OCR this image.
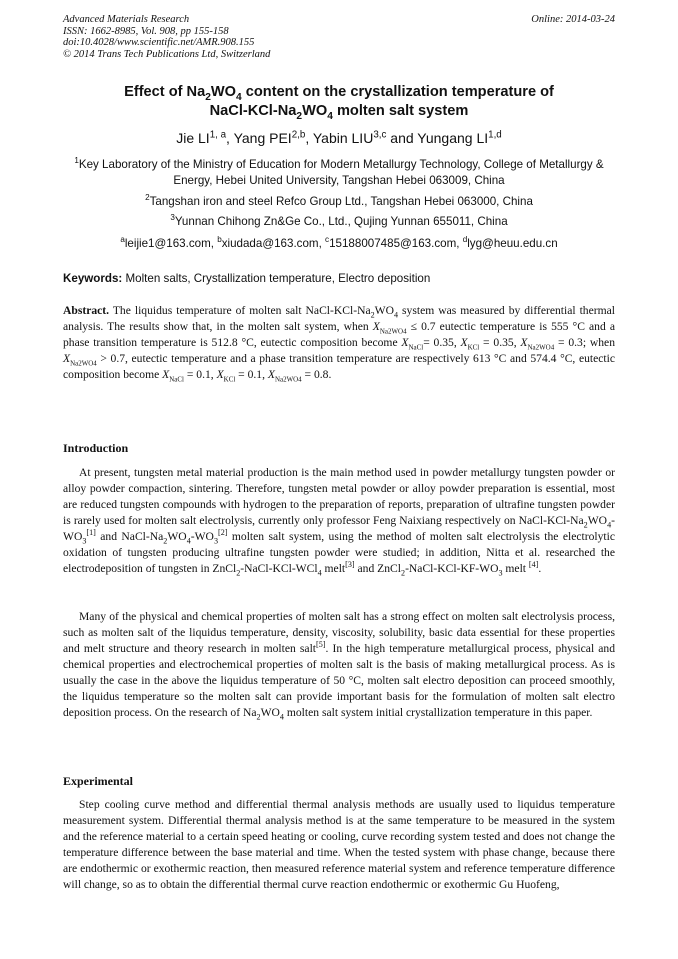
Advanced Materials Research
ISSN: 1662-8985, Vol. 908, pp 155-158
doi:10.4028/www.scientific.net/AMR.908.155
© 2014 Trans Tech Publications Ltd, Switzerland
Online: 2014-03-24
Effect of $Na_2WO_4$ content on the crystallization temperature of
NaCl-$KCl-Na_2WO_4$ molten salt system
Jie LI$^{1, a}$, Yang PEI$^{2,b}$, Yabin LIU$^{3,c}$ and Yungang LI$^{1,d}$
$^1$Key Laboratory of the Ministry of Education for Modern Metallurgy Technology, College of Metallurgy & Energy, Hebei United University, Tangshan Hebei 063009, China
$^2$Tangshan iron and steel Refco Group Ltd., Tangshan Hebei 063000, China
$^3$Yunnan Chihong Zn&Ge Co., Ltd., Qujing Yunnan 655011, China
$^a$leijie1@163.com, $^b$xiudada@163.com, $^c$15188007485@163.com, $^d$lyg@heuu.edu.cn
Keywords: Molten salts, Crystallization temperature, Electro deposition
Abstract. The liquidus temperature of molten salt NaCl-$KCl-Na_2WO_4$ system was measured by differential thermal analysis. The results show that, in the molten salt system, when $X_{Na2WO4} \le 0.7$ eutectic temperature is 555 °C and a phase transition temperature is 512.8 °C, eutectic composition become $X_{NaCl}= 0.35$, $X_{KCl} = 0.35$, $X_{Na2WO4} = 0.3$; when $X_{Na2WO4} > 0.7$, eutectic temperature and a phase transition temperature are respectively 613 °C and 574.4 °C, eutectic composition become $X_{NaCl} = 0.1$, $X_{KCl} = 0.1$, $X_{Na2WO4} = 0.8$.
Introduction
At present, tungsten metal material production is the main method used in powder metallurgy tungsten powder or alloy powder compaction, sintering. Therefore, tungsten metal powder or alloy powder preparation is essential, most are reduced tungsten compounds with hydrogen to the preparation of reports, preparation of ultrafine tungsten powder is rarely used for molten salt electrolysis, currently only professor Feng Naixiang respectively on NaCl-$KCl-Na_2WO_4-WO_3[1]$ and NaCl-$Na_2WO_4-WO_3[2]$ molten salt system, using the method of molten salt electrolysis the electrolytic oxidation of tungsten producing ultrafine tungsten powder were studied; in addition, Nitta et al. researched the electrodeposition of tungsten in ZnCl$_2$-NaCl-KCl-WCl$_4$ melt[3] and $ZnCl_2-NaCl-KCl-KF-WO_3$ melt [4].
Many of the physical and chemical properties of molten salt has a strong effect on molten salt electrolysis process, such as molten salt of the liquidus temperature, density, viscosity, solubility, basic data essential for these properties and melt structure and theory research in molten salt[5]. In the high temperature metallurgical process, physical and chemical properties and electrochemical properties of molten salt is the basis of making metallurgical process. As is usually the case in the above the liquidus temperature of 50 °C, molten salt electro deposition can proceed smoothly, the liquidus temperature so the molten salt can provide important basis for the formulation of molten salt electro deposition process. On the research of $Na_2WO_4$ molten salt system initial crystallization temperature in this paper.
Experimental
Step cooling curve method and differential thermal analysis methods are usually used to liquidus temperature measurement system. Differential thermal analysis method is at the same temperature to be measured in the system and the reference material to a certain speed heating or cooling, curve recording system tested and does not change the temperature difference between the base material and time. When the tested system with phase change, because there are endothermic or exothermic reaction, then measured reference material system and reference temperature difference will change, so as to obtain the differential thermal curve reaction endothermic or exothermic Gu Huofeng,
